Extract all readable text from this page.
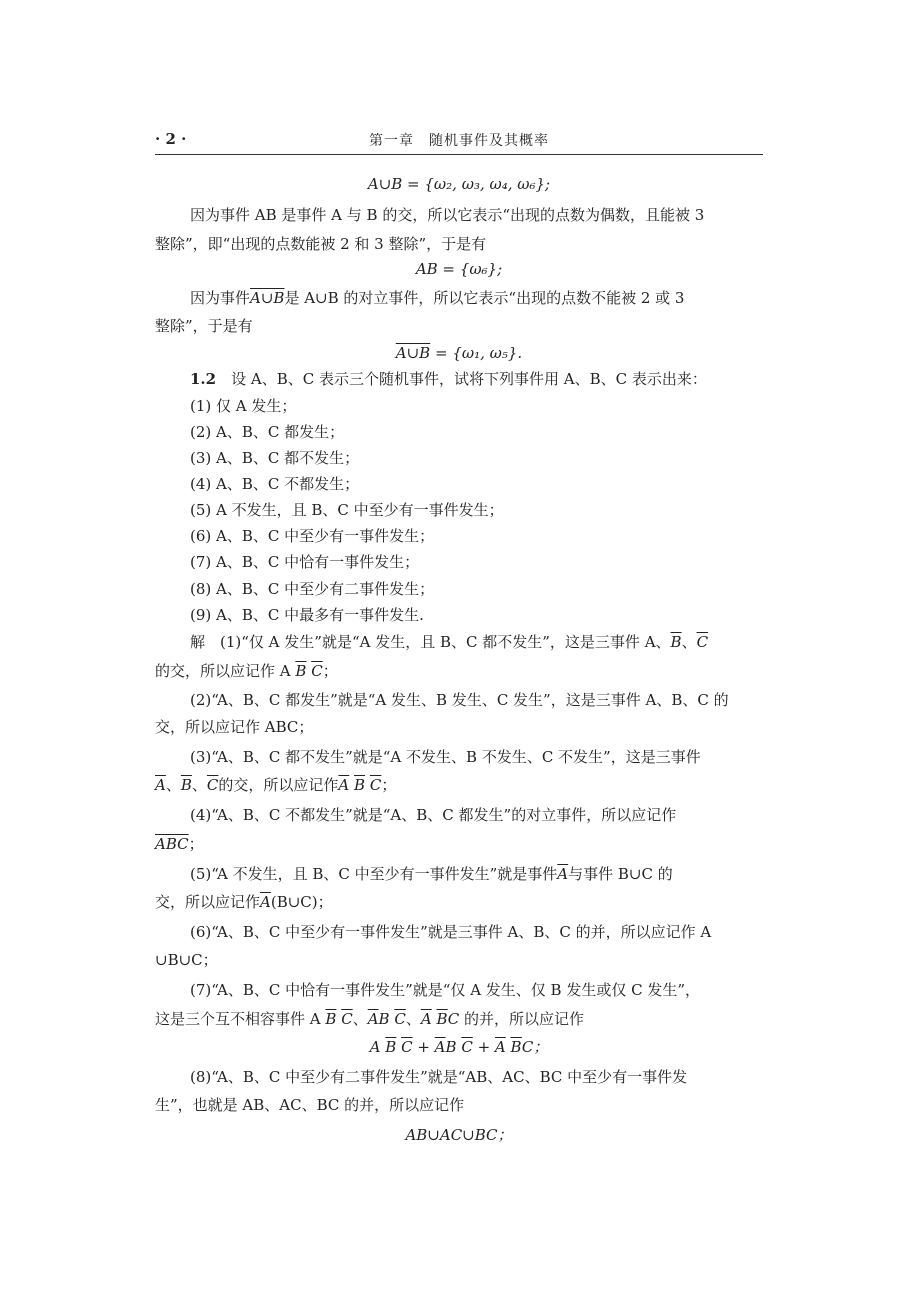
· 2 ·	第一章　随机事件及其概率
A∪B = {ω₂, ω₃, ω₄, ω₆};
因为事件 AB 是事件 A 与 B 的交，所以它表示“出现的点数为偶数，且能被 3
整除”，即“出现的点数能被 2 和 3 整除”，于是有
AB = {ω₆};
因为事件A∪B是 A∪B 的对立事件，所以它表示“出现的点数不能被 2 或 3
整除”，于是有
A∪B = {ω₁, ω₅}.
1.2　 设 A、B、C 表示三个随机事件，试将下列事件用 A、B、C 表示出来：
(1) 仅 A 发生；
(2) A、B、C 都发生；
(3) A、B、C 都不发生；
(4) A、B、C 不都发生；
(5) A 不发生，且 B、C 中至少有一事件发生；
(6) A、B、C 中至少有一事件发生；
(7) A、B、C 中恰有一事件发生；
(8) A、B、C 中至少有二事件发生；
(9) A、B、C 中最多有一事件发生.
解　(1)“仅 A 发生”就是“A 发生，且 B、C 都不发生”，这是三事件 A、$\overline{B}$、$\overline{C}$
的交，所以应记作 A $\overline{B}$ $\overline{C}$；
(2)“A、B、C 都发生”就是“A 发生、B 发生、C 发生”，这是三事件 A、B、C 的
交，所以应记作 ABC；
(3)“A、B、C 都不发生”就是“A 不发生、B 不发生、C 不发生”，这是三事件
$\overline{A}$、$\overline{B}$、$\overline{C}$的交，所以应记作$\overline{A}$ $\overline{B}$ $\overline{C}$；
(4)“A、B、C 不都发生”就是“A、B、C 都发生”的对立事件，所以应记作
$\overline{ABC}$；
(5)“A 不发生，且 B、C 中至少有一事件发生”就是事件$\overline{A}$与事件 B∪C 的
交，所以应记作$\overline{A}(B\cup C)$；
(6)“A、B、C 中至少有一事件发生”就是三事件 A、B、C 的并，所以应记作 A
∪B∪C；
(7)“A、B、C 中恰有一事件发生”就是“仅 A 发生、仅 B 发生或仅 C 发生”，
这是三个互不相容事件 A $\overline{B}$ $\overline{C}$、$\overline{A}B$ $\overline{C}$、$\overline{A}$ $\overline{B}C$ 的并，所以应记作
A $\overline{B}$ $\overline{C} + \overline{A}B$ $\overline{C} + \overline{A}$ $\overline{B}C$；
(8)“A、B、C 中至少有二事件发生”就是“AB、AC、BC 中至少有一事件发
生”，也就是 AB、AC、BC 的并，所以应记作
AB∪AC∪BC；
